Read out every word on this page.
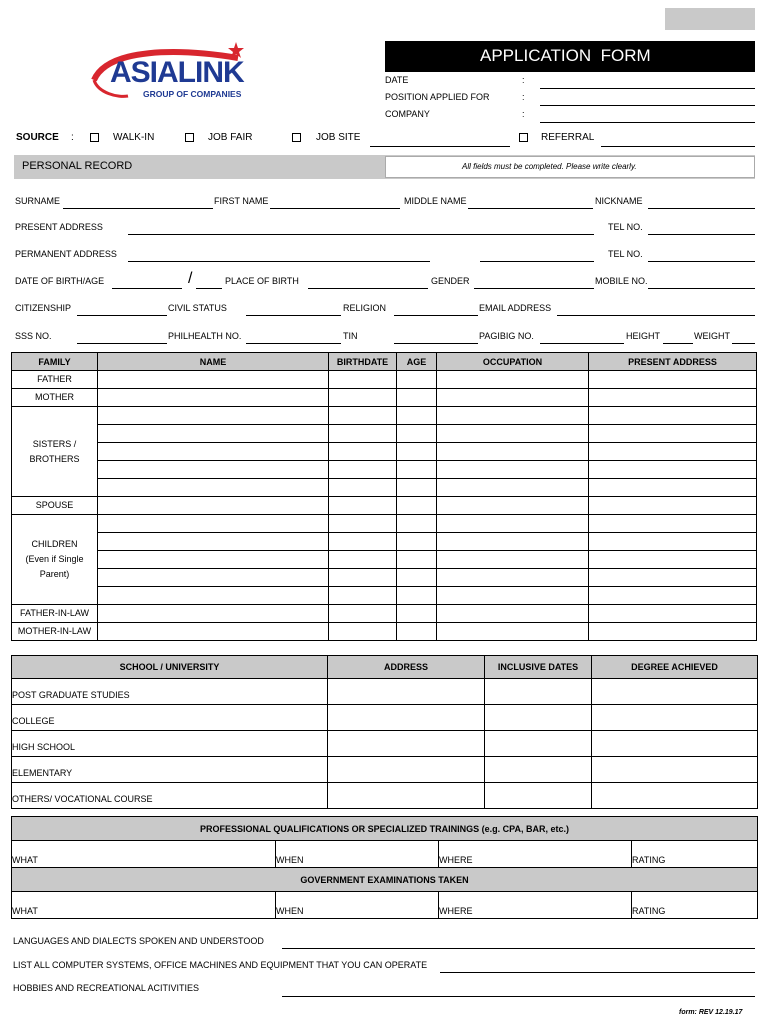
ASIALINK
GROUP OF COMPANIES
APPLICATION  FORM
DATE	:
POSITION APPLIED FOR	:
COMPANY	:
SOURCE :	WALK-IN	JOB FAIR	JOB SITE	REFERRAL
PERSONAL RECORD	All fields must be completed. Please write clearly.
SURNAME	FIRST NAME	MIDDLE NAME	NICKNAME
PRESENT ADDRESS	TEL NO.
PERMANENT ADDRESS	TEL NO.
DATE OF BIRTH/AGE	/	PLACE OF BIRTH	GENDER	MOBILE NO.
CITIZENSHIP	CIVIL STATUS	RELIGION	EMAIL ADDRESS
SSS NO.	PHILHEALTH NO.	TIN	PAGIBIG NO.	HEIGHT	WEIGHT
FAMILY	NAME	BIRTHDATE	AGE	OCCUPATION	PRESENT ADDRESS
FATHER					
MOTHER					

SISTERS /
BROTHERS					

SPOUSE					

CHILDREN
(Even if Single
Parent)					

FATHER-IN-LAW					
MOTHER-IN-LAW					
SCHOOL / UNIVERSITY	ADDRESS	INCLUSIVE DATES	DEGREE ACHIEVED
POST GRADUATE STUDIES			
COLLEGE			
HIGH SCHOOL			
ELEMENTARY			
OTHERS/ VOCATIONAL COURSE			
PROFESSIONAL QUALIFICATIONS OR SPECIALIZED TRAININGS (e.g. CPA, BAR, etc.)			
WHAT	WHEN	WHERE	RATING
GOVERNMENT EXAMINATIONS TAKEN			
WHAT	WHEN	WHERE	RATING
LANGUAGES AND DIALECTS SPOKEN AND UNDERSTOOD
LIST ALL COMPUTER SYSTEMS, OFFICE MACHINES AND EQUIPMENT THAT YOU CAN OPERATE
HOBBIES AND RECREATIONAL ACITIVITIES
form: REV 12.19.17
